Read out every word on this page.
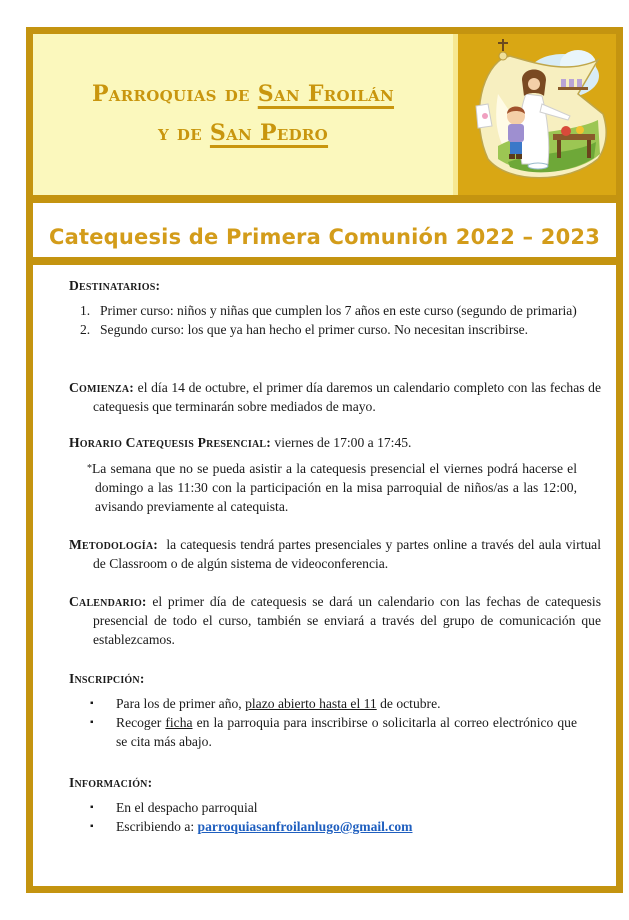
Parroquias de San Froilán
y de San Pedro
Catequesis de Primera Comunión 2022 – 2023
Destinatarios:
1. Primer curso: niños y niñas que cumplen los 7 años en este curso (segundo de primaria)
2. Segundo curso: los que ya han hecho el primer curso. No necesitan inscribirse.
Comienza: el día 14 de octubre, el primer día daremos un calendario completo con las fechas de catequesis que terminarán sobre mediados de mayo.
Horario Catequesis Presencial: viernes de 17:00 a 17:45.
*La semana que no se pueda asistir a la catequesis presencial el viernes podrá hacerse el domingo a las 11:30 con la participación en la misa parroquial de niños/as a las 12:00, avisando previamente al catequista.
Metodología:  la catequesis tendrá partes presenciales y partes online a través del aula virtual de Classroom o de algún sistema de videoconferencia.
Calendario: el primer día de catequesis se dará un calendario con las fechas de catequesis presencial de todo el curso, también se enviará a través del grupo de comunicación que establezcamos.
Inscripción:
▪ Para los de primer año, plazo abierto hasta el 11 de octubre.
▪ Recoger ficha en la parroquia para inscribirse o solicitarla al correo electrónico que se cita más abajo.
Información:
▪ En el despacho parroquial
▪ Escribiendo a: parroquiasanfroilanlugo@gmail.com
